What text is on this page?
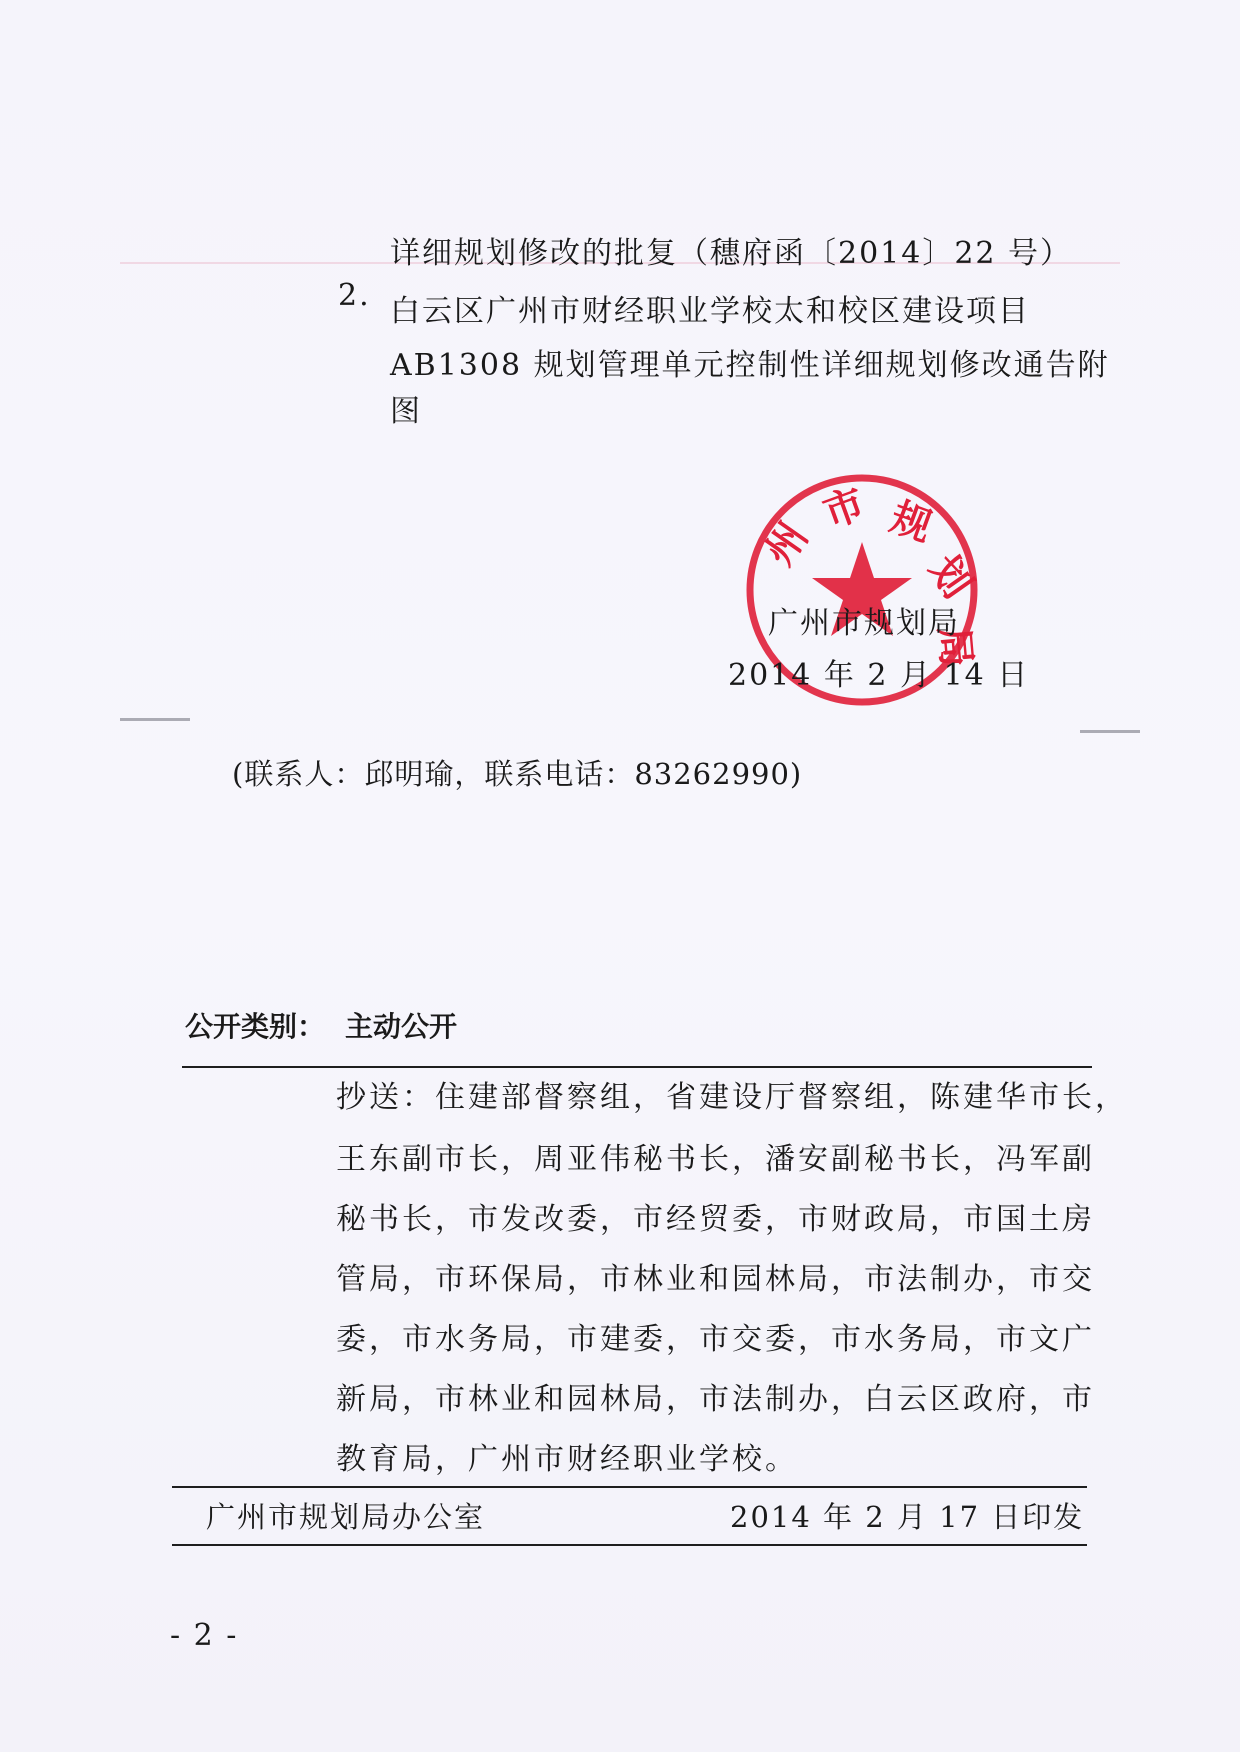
详细规划修改的批复（穗府函〔2014〕22 号）
2. 白云区广州市财经职业学校太和校区建设项目
AB1308 规划管理单元控制性详细规划修改通告附
图
州
市 规
划
局
广州市规划局
2014 年 2 月 14 日
(联系人：邱明瑜，联系电话：83262990)
公开类别： 主动公开
抄送：住建部督察组，省建设厅督察组，陈建华市长，
王东副市长，周亚伟秘书长，潘安副秘书长，冯军副
秘书长，市发改委，市经贸委，市财政局，市国土房
管局，市环保局，市林业和园林局，市法制办，市交
委，市水务局，市建委，市交委，市水务局，市文广
新局，市林业和园林局，市法制办，白云区政府，市
教育局，广州市财经职业学校。
广州市规划局办公室	2014 年 2 月 17 日印发
- 2 -
